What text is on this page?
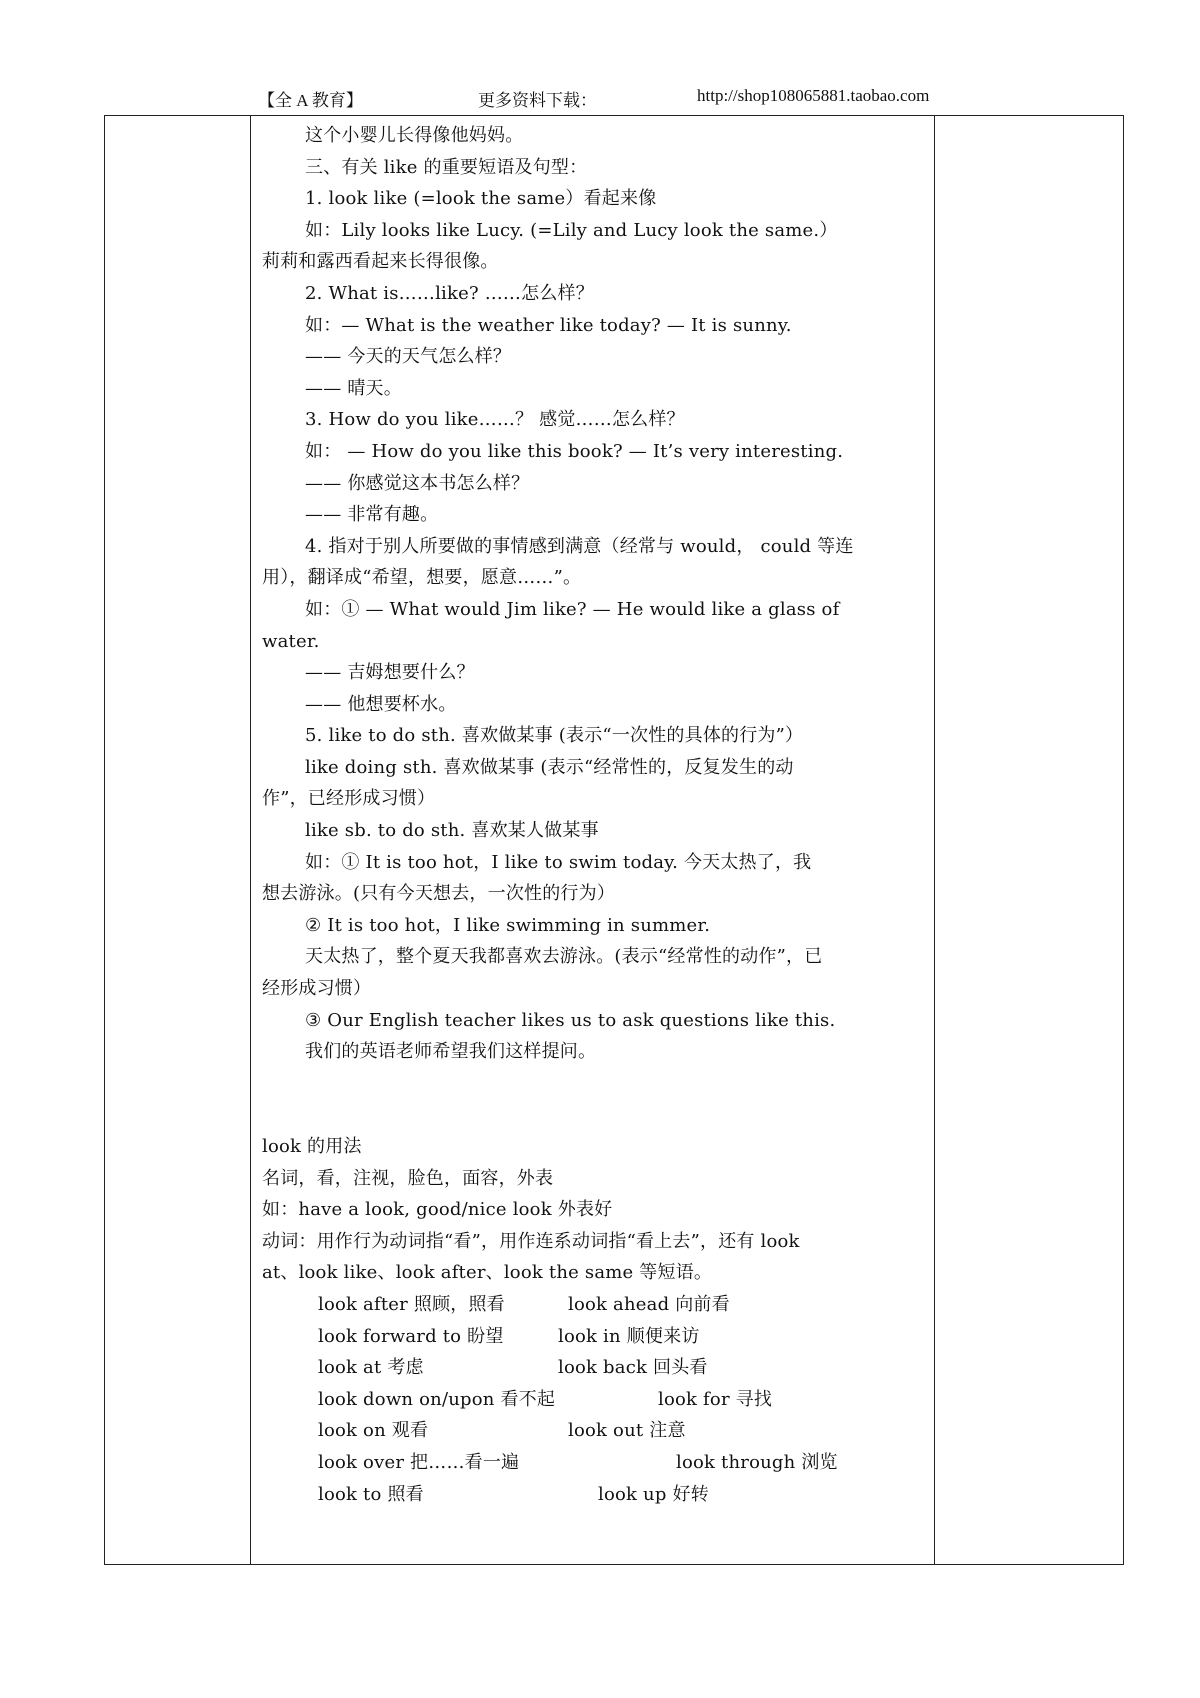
【全 A 教育】	更多资料下载：	http://shop108065881.taobao.com
这个小婴儿长得像他妈妈。
三、有关 like 的重要短语及句型：
1. look like (=look the same）看起来像
如：Lily looks like Lucy. (=Lily and Lucy look the same.）
莉莉和露西看起来长得很像。
2. What is……like? ……怎么样？
如：— What is the weather like today? — It is sunny.
—— 今天的天气怎么样？
—— 晴天。
3. How do you like……？ 感觉……怎么样？
如： — How do you like this book? — It’s very interesting.
—— 你感觉这本书怎么样？
—— 非常有趣。
4. 指对于别人所要做的事情感到满意（经常与 would， could 等连
用），翻译成“希望，想要，愿意……”。
如：① — What would Jim like? — He would like a glass of
water.
—— 吉姆想要什么？
—— 他想要杯水。
5. like to do sth. 喜欢做某事 (表示“一次性的具体的行为”）
like doing sth. 喜欢做某事 (表示“经常性的，反复发生的动
作”，已经形成习惯）
like sb. to do sth. 喜欢某人做某事
如：① It is too hot，I like to swim today. 今天太热了，我
想去游泳。(只有今天想去，一次性的行为）
② It is too hot，I like swimming in summer.
天太热了，整个夏天我都喜欢去游泳。(表示“经常性的动作”，已
经形成习惯）
③ Our English teacher likes us to ask questions like this.
我们的英语老师希望我们这样提问。
look 的用法
名词，看，注视，脸色，面容，外表
如：have a look, good/nice look 外表好
动词：用作行为动词指“看”，用作连系动词指“看上去”，还有 look
at、look like、look after、look the same 等短语。
look after 照顾，照看	look ahead 向前看
look forward to 盼望	look in 顺便来访
look at 考虑	look back 回头看
look down on/upon 看不起	look for 寻找
look on 观看	look out 注意
look over 把……看一遍	look through 浏览
look to 照看	look up 好转
